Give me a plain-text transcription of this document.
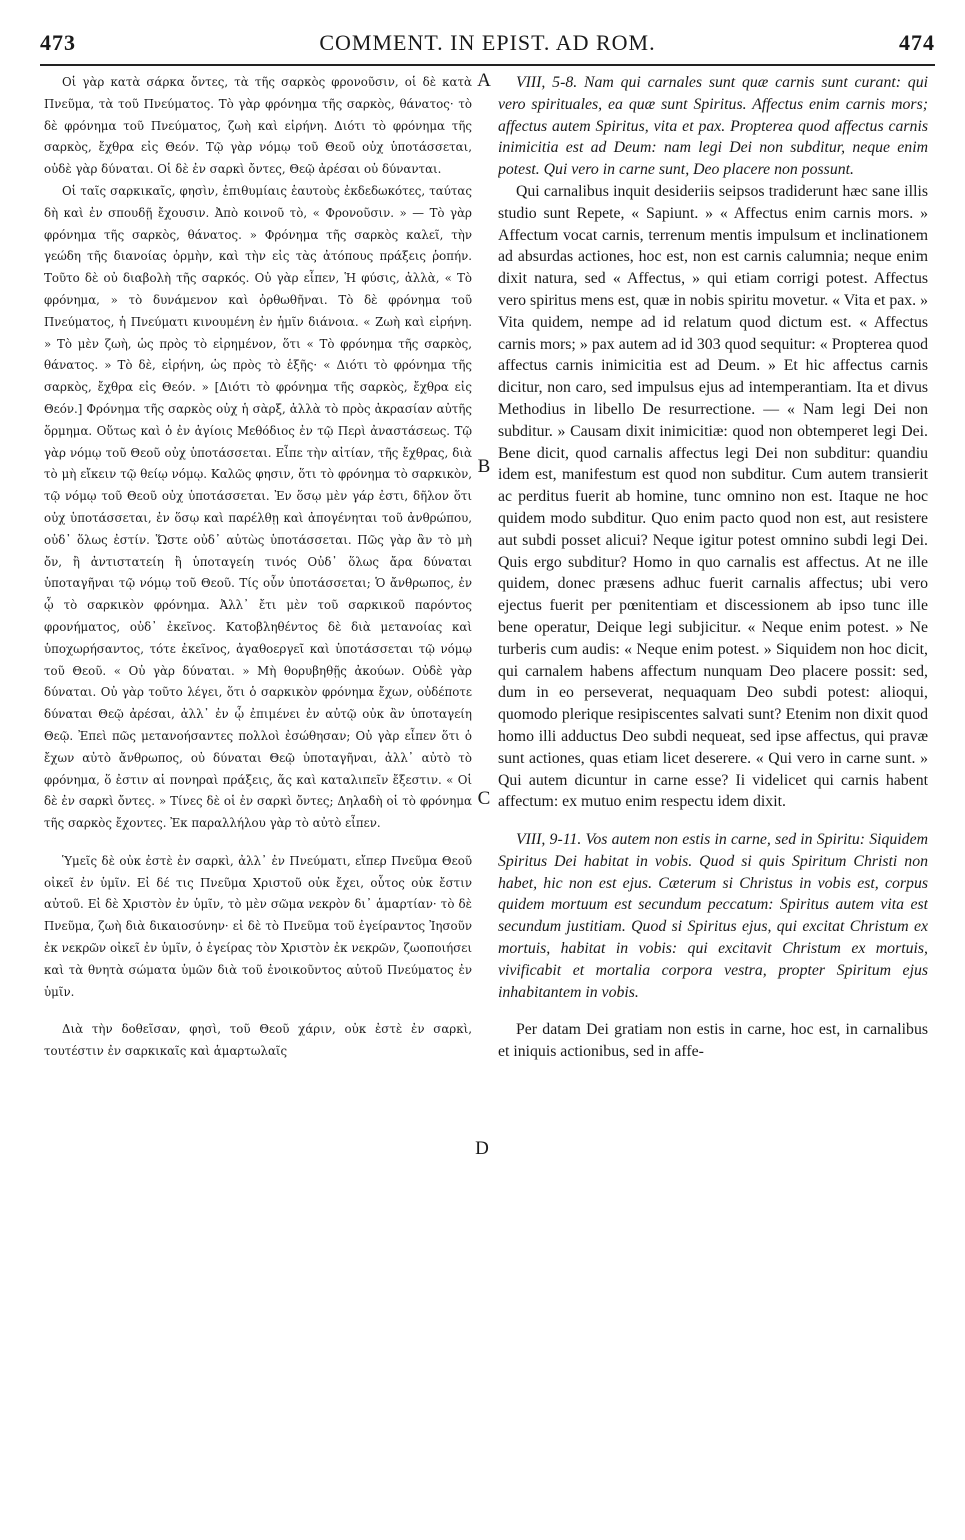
473	COMMENT. IN EPIST. AD ROM.	474
A
B
C
D

Οἱ γὰρ κατὰ σάρκα ὄντες, τὰ τῆς σαρκὸς φρονοῦσιν, οἱ δὲ κατὰ Πνεῦμα, τὰ τοῦ Πνεύματος. Τὸ γὰρ φρόνημα τῆς σαρκὸς, θάνατος· τὸ δὲ φρόνημα τοῦ Πνεύματος, ζωὴ καὶ εἰρήνη. Διότι τὸ φρόνημα τῆς σαρκὸς, ἔχθρα εἰς Θεόν. Τῷ γὰρ νόμῳ τοῦ Θεοῦ οὐχ ὑποτάσσεται, οὐδὲ γὰρ δύναται. Οἱ δὲ ἐν σαρκὶ ὄντες, Θεῷ ἀρέσαι οὐ δύνανται.

Οἱ ταῖς σαρκικαῖς, φησὶν, ἐπιθυμίαις ἑαυτοὺς ἐκδεδωκότες, ταύτας δὴ καὶ ἐν σπουδῇ ἔχουσιν. Ἀπὸ κοινοῦ τὸ, « Φρονοῦσιν. » — Τὸ γὰρ φρόνημα τῆς σαρκὸς, θάνατος. » Φρόνημα τῆς σαρκὸς καλεῖ, τὴν γεώδη τῆς διανοίας ὁρμὴν, καὶ τὴν εἰς τὰς ἀτόπους πράξεις ῥοπήν. Τοῦτο δὲ οὐ διαβολὴ τῆς σαρκός. Οὐ γὰρ εἶπεν, Ἡ φύσις, ἀλλὰ, « Τὸ φρόνημα, » τὸ δυνάμενον καὶ ὀρθωθῆναι. Τὸ δὲ φρόνημα τοῦ Πνεύματος, ἡ Πνεύματι κινουμένη ἐν ἡμῖν διάνοια. « Ζωὴ καὶ εἰρήνη. » Τὸ μὲν ζωὴ, ὡς πρὸς τὸ εἰρημένον, ὅτι « Τὸ φρόνημα τῆς σαρκὸς, θάνατος. » Τὸ δὲ, εἰρήνη, ὡς πρὸς τὸ ἑξῆς· « Διότι τὸ φρόνημα τῆς σαρκὸς, ἔχθρα εἰς Θεόν. » [Διότι τὸ φρόνημα τῆς σαρκὸς, ἔχθρα εἰς Θεόν.] Φρόνημα τῆς σαρκὸς οὐχ ἡ σὰρξ, ἀλλὰ τὸ πρὸς ἀκρασίαν αὐτῆς ὅρμημα. Οὕτως καὶ ὁ ἐν ἁγίοις Μεθόδιος ἐν τῷ Περὶ ἀναστάσεως. Τῷ γὰρ νόμῳ τοῦ Θεοῦ οὐχ ὑποτάσσεται. Εἶπε τὴν αἰτίαν, τῆς ἔχθρας, διὰ τὸ μὴ εἴκειν τῷ θείῳ νόμῳ. Καλῶς φησιν, ὅτι τὸ φρόνημα τὸ σαρκικὸν, τῷ νόμῳ τοῦ Θεοῦ οὐχ ὑποτάσσεται. Ἐν ὅσῳ μὲν γάρ ἐστι, δῆλον ὅτι οὐχ ὑποτάσσεται, ἐν ὅσῳ καὶ παρέλθῃ καὶ ἀπογένηται τοῦ ἀνθρώπου, οὐδ᾽ ὅλως ἐστίν. Ὥστε οὐδ᾽ αὐτὼς ὑποτάσσεται. Πῶς γὰρ ἂν τὸ μὴ ὄν, ἢ ἀντιστατείη ἢ ὑποταγείη τινός Οὐδ᾽ ὅλως ἄρα δύναται ὑποταγῆναι τῷ νόμῳ τοῦ Θεοῦ. Τίς οὖν ὑποτάσσεται; Ὁ ἄνθρωπος, ἐν ᾧ τὸ σαρκικὸν φρόνημα. Ἀλλ᾽ ἔτι μὲν τοῦ σαρκικοῦ παρόντος φρονήματος, οὐδ᾽ ἐκεῖνος. Κατοβληθέντος δὲ διὰ μετανοίας καὶ ὑποχωρήσαντος, τότε ἐκεῖνος, ἀγαθοεργεῖ καὶ ὑποτάσσεται τῷ νόμῳ τοῦ Θεοῦ. « Οὐ γὰρ δύναται. » Μὴ θορυβηθῇς ἀκούων. Οὐδὲ γὰρ δύναται. Οὐ γὰρ τοῦτο λέγει, ὅτι ὁ σαρκικὸν φρόνημα ἔχων, οὐδέποτε δύναται Θεῷ ἀρέσαι, ἀλλ᾽ ἐν ᾧ ἐπιμένει ἐν αὐτῷ οὐκ ἂν ὑποταγείη Θεῷ. Ἐπεὶ πῶς μετανοήσαντες πολλοὶ ἐσώθησαν; Οὐ γὰρ εἶπεν ὅτι ὁ ἔχων αὐτὸ ἄνθρωπος, οὐ δύναται Θεῷ ὑποταγῆναι, ἀλλ᾽ αὐτὸ τὸ φρόνημα, ὅ ἐστιν αἱ πονηραὶ πράξεις, ἅς καὶ καταλιπεῖν ἔξεστιν. « Οἱ δὲ ἐν σαρκὶ ὄντες. » Τίνες δὲ οἱ ἐν σαρκὶ ὄντες; Δηλαδὴ οἱ τὸ φρόνημα τῆς σαρκὸς ἔχοντες. Ἐκ παραλλήλου γὰρ τὸ αὐτὸ εἶπεν.

Ὑμεῖς δὲ οὐκ ἐστὲ ἐν σαρκὶ, ἀλλ᾽ ἐν Πνεύματι, εἴπερ Πνεῦμα Θεοῦ οἰκεῖ ἐν ὑμῖν. Εἰ δέ τις Πνεῦμα Χριστοῦ οὐκ ἔχει, οὗτος οὐκ ἔστιν αὐτοῦ. Εἰ δὲ Χριστὸν ἐν ὑμῖν, τὸ μὲν σῶμα νεκρὸν δι᾽ ἁμαρτίαν· τὸ δὲ Πνεῦμα, ζωὴ διὰ δικαιοσύνην· εἰ δὲ τὸ Πνεῦμα τοῦ ἐγείραντος Ἰησοῦν ἐκ νεκρῶν οἰκεῖ ἐν ὑμῖν, ὁ ἐγείρας τὸν Χριστὸν ἐκ νεκρῶν, ζωοποιήσει καὶ τὰ θνητὰ σώματα ὑμῶν διὰ τοῦ ἐνοικοῦντος αὐτοῦ Πνεύματος ἐν ὑμῖν.

Διὰ τὴν δοθεῖσαν, φησὶ, τοῦ Θεοῦ χάριν, οὐκ ἐστὲ ἐν σαρκὶ, τουτέστιν ἐν σαρκικαῖς καὶ ἁμαρτωλαῖς

VIII, 5-8. Nam qui carnales sunt quæ carnis sunt curant: qui vero spirituales, ea quæ sunt Spiritus. Affectus enim carnis mors; affectus autem Spiritus, vita et pax. Propterea quod affectus carnis inimicitia est ad Deum: nam legi Dei non subditur, neque enim potest. Qui vero in carne sunt, Deo placere non possunt.

Qui carnalibus inquit desideriis seipsos tradiderunt hæc sane illis studio sunt Repete, « Sapiunt. » « Affectus enim carnis mors. » Affectum vocat carnis, terrenum mentis impulsum et inclinationem ad absurdas actiones, hoc est, non est carnis calumnia; neque enim dixit natura, sed « Affectus, » qui etiam corrigi potest. Affectus vero spiritus mens est, quæ in nobis spiritu movetur. « Vita et pax. » Vita quidem, nempe ad id relatum quod dictum est. « Affectus carnis mors; » pax autem ad id 303 quod sequitur: « Propterea quod affectus carnis inimicitia est ad Deum. » Et hic affectus carnis dicitur, non caro, sed impulsus ejus ad intemperantiam. Ita et divus Methodius in libello De resurrectione. — « Nam legi Dei non subditur. » Causam dixit inimicitiæ: quod non obtemperet legi Dei. Bene dicit, quod carnalis affectus legi Dei non subditur: quandiu idem est, manifestum est quod non subditur. Cum autem transierit ac perditus fuerit ab homine, tunc omnino non est. Itaque ne hoc quidem modo subditur. Quo enim pacto quod non est, aut resistere aut subdi posset alicui? Neque igitur potest omnino subdi legi Dei. Quis ergo subditur? Homo in quo carnalis est affectus. At ne ille quidem, donec præsens adhuc fuerit carnalis affectus; ubi vero ejectus fuerit per pœnitentiam et discessionem ab ipso tunc ille bene operatur, Deique legi subjicitur. « Neque enim potest. » Ne turberis cum audis: « Neque enim potest. » Siquidem non hoc dicit, qui carnalem habens affectum nunquam Deo placere possit: sed, dum in eo perseverat, nequaquam Deo subdi potest: alioqui, quomodo plerique resipiscentes salvati sunt? Etenim non dixit quod homo illi adductus Deo subdi nequeat, sed ipse affectus, qui pravæ sunt actiones, quas etiam licet deserere. « Qui vero in carne sunt. » Qui autem dicuntur in carne esse? Ii videlicet qui carnis habent affectum: ex mutuo enim respectu idem dixit.

VIII, 9-11. Vos autem non estis in carne, sed in Spiritu: Siquidem Spiritus Dei habitat in vobis. Quod si quis Spiritum Christi non habet, hic non est ejus. Cæterum si Christus in vobis est, corpus quidem mortuum est secundum peccatum: Spiritus autem vita est secundum justitiam. Quod si Spiritus ejus, qui excitat Christum ex mortuis, habitat in vobis: qui excitavit Christum ex mortuis, vivificabit et mortalia corpora vestra, propter Spiritum ejus inhabitantem in vobis.

Per datam Dei gratiam non estis in carne, hoc est, in carnalibus et iniquis actionibus, sed in affe-
